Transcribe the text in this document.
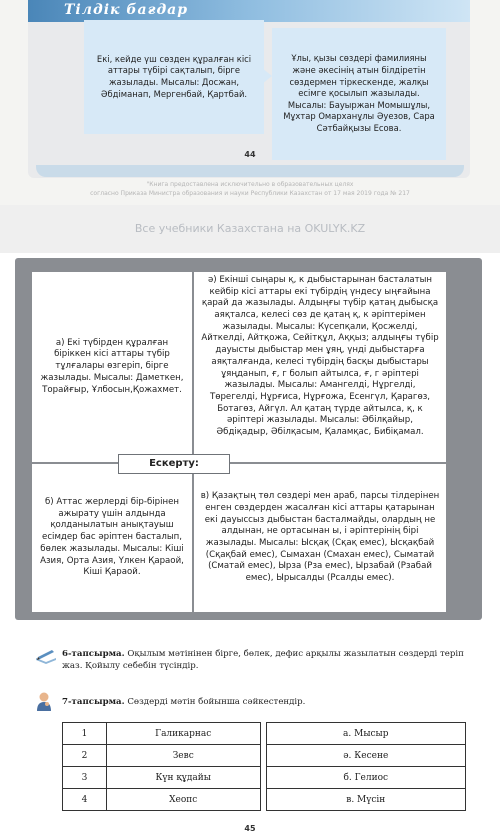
Тілдік бағдар
Екі, кейде үш сөзден құралған кісі аттары түбірі сақталып, бірге жазылады. Мысалы: Досжан, Әбдіманап, Мергенбай, Қартбай.
Ұлы, қызы сөздері фамилияны және әкесінің атын білдіретін сөздермен тіркескенде, жалқы есімге қосылып жазылады. Мысалы: Бауыржан Момышұлы, Мұхтар Омарханұлы Әуезов, Сара Сәтбайқызы Есова.
44
"Книга предоставлена исключительно в образовательных целях
согласно Приказа Министра образования и науки Республики Казахстан от 17 мая 2019 года № 217
Все учебники Казахстана на OKULYK.KZ
а) Екі түбірден құралған біріккен кісі аттары түбір тұлғалары өзгеріп, бірге жазылады. Мысалы: Даметкен, Торайғыр, Ұлбосын,Қожахмет.
ә) Екінші сыңары қ, к дыбыстарынан басталатын кейбір кісі аттары екі түбірдің үндесу ыңғайына қарай да жазылады. Алдыңғы түбір қатаң дыбысқа аяқталса, келесі сөз де қатаң қ, к әріптерімен жазылады. Мысалы: Күсепқали, Қосжелді, Айткелді, Айтқожа, Сейітқұл, Аққыз; алдыңғы түбір дауысты дыбыстар мен ұяң, үнді дыбыстарға аяқталғанда, келесі түбірдің басқы дыбыстары ұяңданып, ғ, г болып айтылса, ғ, г әріптері жазылады. Мысалы: Амангелді, Нұргелді, Төрегелді, Нұрғиса, Нұрғожа, Есенгүл, Қарагөз, Ботагөз, Айгүл. Ал қатаң түрде айтылса, қ, к әріптері жазылады. Мысалы: Әбілқайыр, Әбдіқадыр, Әбілқасым, Қаламқас, Бибіқамал.
б) Аттас жерлерді бір-бірінен ажырату үшін алдында қолданылатын анықтауыш есімдер бас әріптен басталып, бөлек жазылады. Мысалы: Кіші Азия, Орта Азия, Үлкен Қараой, Кіші Қараой.
в) Қазақтың төл сөздері мен араб, парсы тілдерінен енген сөздерден жасалған кісі аттары қатарынан екі дауыссыз дыбыстан басталмайды, олардың не алдынан, не ортасынан ы, і әріптерінің бірі жазылады. Мысалы: Ысқақ (Сқақ емес), Ысқақбай (Сқақбай емес), Сымахан (Смахан емес), Сыматай (Сматай емес), Ырза (Рза емес), Ырзабай (Рзабай емес), Ырысалды (Рсалды емес).
Ескерту:
6-тапсырма. Оқылым мәтінінен бірге, бөлек, дефис арқылы жазылатын сөздерді теріп жаз. Қойылу себебін түсіндір.
7-тапсырма. Сөздерді мәтін бойынша сәйкестендір.
1	Галикарнас		а. Мысыр
2	Зевс		ә. Кесене
3	Күн құдайы		б. Гелиос
4	Хеопс		в. Мүсін
45
